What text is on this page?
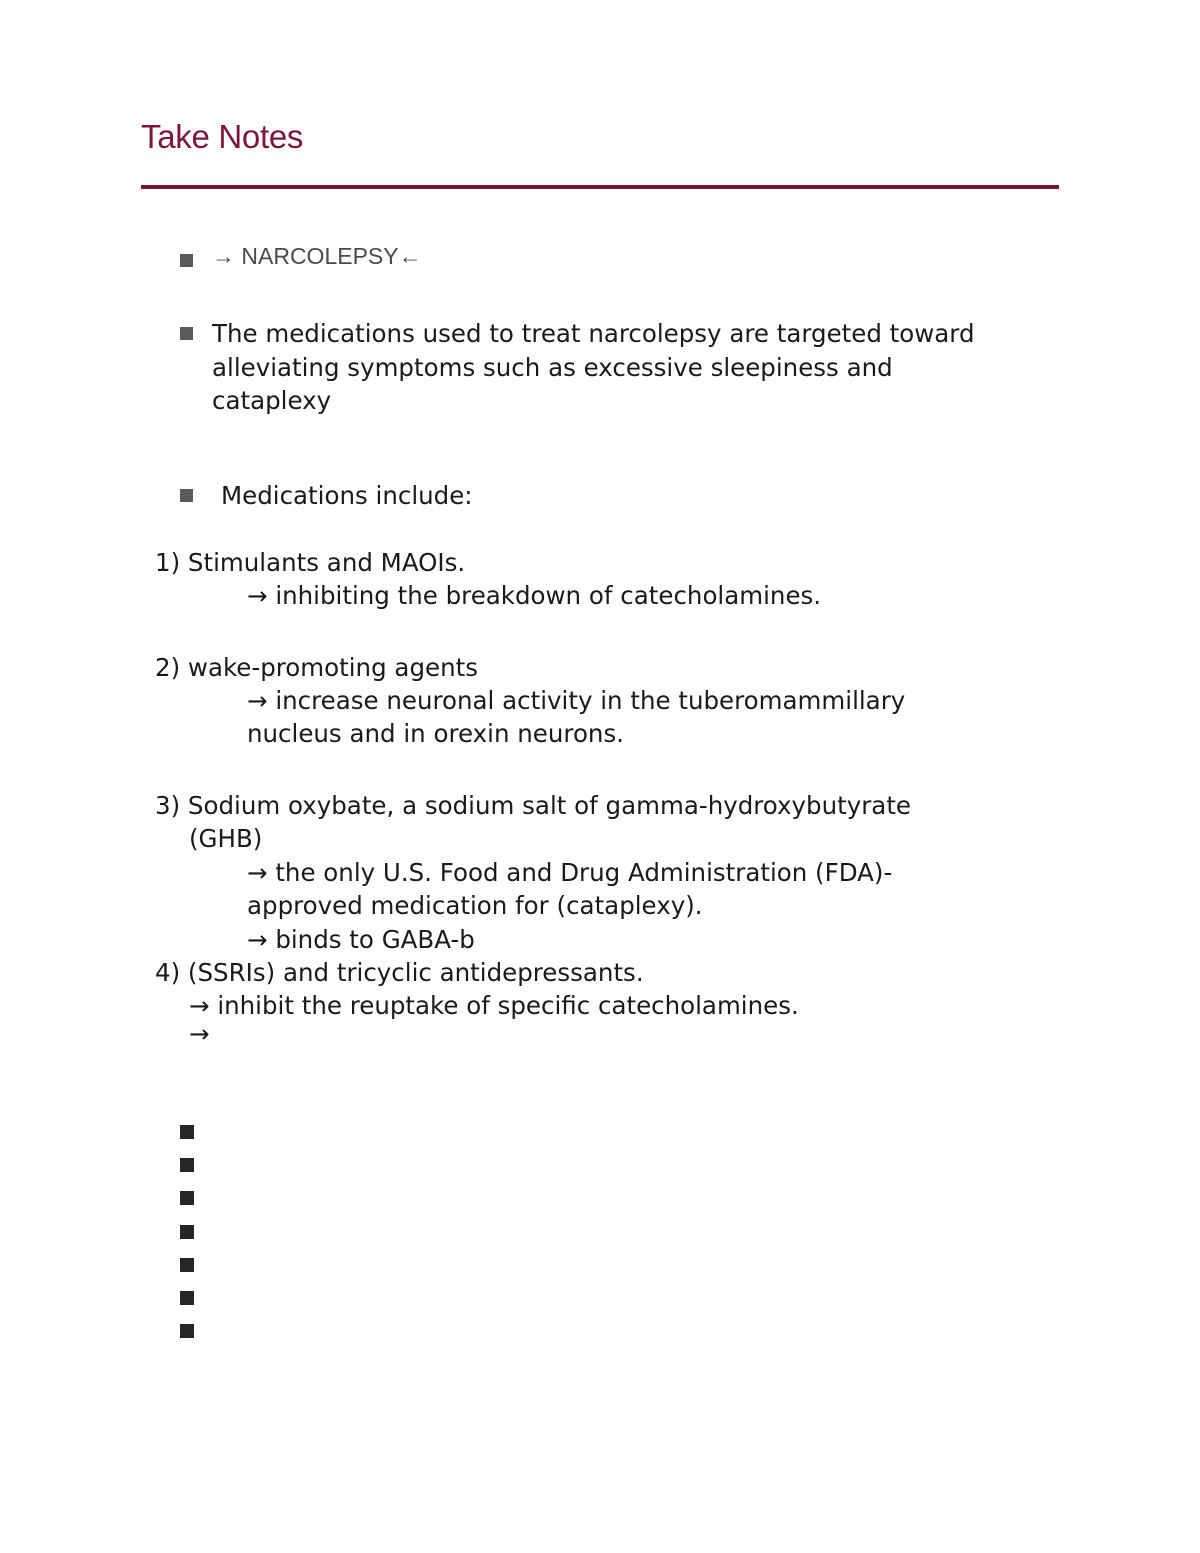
Take Notes
→ NARCOLEPSY←
The medications used to treat narcolepsy are targeted toward
alleviating symptoms such as excessive sleepiness and
cataplexy
Medications include:
1) Stimulants and MAOIs.
→ inhibiting the breakdown of catecholamines.
2) wake-promoting agents
→ increase neuronal activity in the tuberomammillary
nucleus and in orexin neurons.
3) Sodium oxybate, a sodium salt of gamma-hydroxybutyrate
(GHB)
→ the only U.S. Food and Drug Administration (FDA)-
approved medication for (cataplexy).
→ binds to GABA-b
4) (SSRIs) and tricyclic antidepressants.
→ inhibit the reuptake of specific catecholamines.
→
